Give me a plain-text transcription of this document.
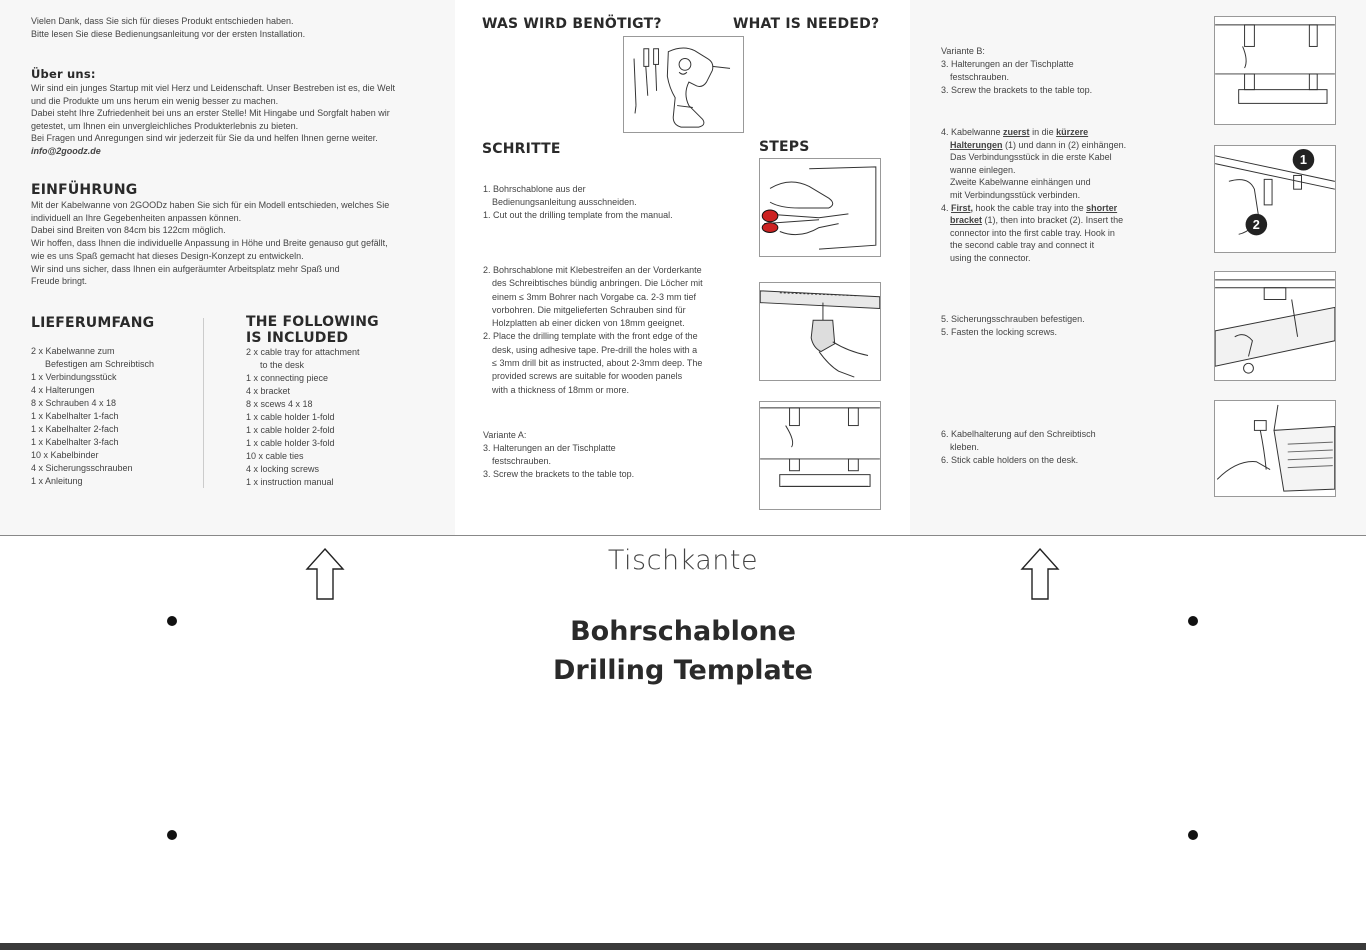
Vielen Dank, dass Sie sich für dieses Produkt entschieden haben.
Bitte lesen Sie diese Bedienungsanleitung vor der ersten Installation.
Über uns:
Wir sind ein junges Startup mit viel Herz und Leidenschaft. Unser Bestreben ist es, die Welt
und die Produkte um uns herum ein wenig besser zu machen.
Dabei steht Ihre Zufriedenheit bei uns an erster Stelle! Mit Hingabe und Sorgfalt haben wir
getestet, um Ihnen ein unvergleichliches Produkterlebnis zu bieten.
Bei Fragen und Anregungen sind wir jederzeit für Sie da und helfen Ihnen gerne weiter.
info@2goodz.de
EINFÜHRUNG
Mit der Kabelwanne von 2GOODz haben Sie sich für ein Modell entschieden, welches Sie
individuell an Ihre Gegebenheiten anpassen können.
Dabei sind Breiten von 84cm bis 122cm möglich.
Wir hoffen, dass Ihnen die individuelle Anpassung in Höhe und Breite genauso gut gefällt,
wie es uns Spaß gemacht hat dieses Design-Konzept zu entwickeln.
Wir sind uns sicher, dass Ihnen ein aufgeräumter Arbeitsplatz mehr Spaß und
Freude bringt.
LIEFERUMFANG
2 x Kabelwanne zum
Befestigen am Schreibtisch
1 x Verbindungsstück
4 x Halterungen
8 x Schrauben 4 x 18
1 x Kabelhalter 1-fach
1 x Kabelhalter 2-fach
1 x Kabelhalter 3-fach
10 x Kabelbinder
4 x Sicherungsschrauben
1 x Anleitung
THE FOLLOWING
IS INCLUDED
2 x cable tray for attachment
to the desk
1 x connecting piece
4 x bracket
8 x scews 4 x 18
1 x cable holder 1-fold
1 x cable holder 2-fold
1 x cable holder 3-fold
10 x cable ties
4 x locking screws
1 x instruction manual
WAS WIRD BENÖTIGT?	WHAT IS NEEDED?
SCHRITTE	STEPS
1. Bohrschablone aus der
Bedienungsanleitung ausschneiden.
1. Cut out the drilling template from the manual.
2. Bohrschablone mit Klebestreifen an der Vorderkante
des Schreibtisches bündig anbringen. Die Löcher mit
einem ≤ 3mm Bohrer nach Vorgabe ca. 2-3 mm tief
vorbohren. Die mitgelieferten Schrauben sind für
Holzplatten ab einer dicken von 18mm geeignet.
2. Place the drilling template with the front edge of the
desk, using adhesive tape. Pre-drill the holes with a
≤ 3mm drill bit as instructed, about 2-3mm deep. The
provided screws are suitable for wooden panels
with a thickness of 18mm or more.
Variante A:
3. Halterungen an der Tischplatte
festschrauben.
3. Screw the brackets to the table top.
Variante B:
3. Halterungen an der Tischplatte
festschrauben.
3. Screw the brackets to the table top.
4. Kabelwanne zuerst in die kürzere
Halterungen (1) und dann in (2) einhängen.
Das Verbindungsstück in die erste Kabel
wanne einlegen.
Zweite Kabelwanne einhängen und
mit Verbindungsstück verbinden.
4. First, hook the cable tray into the shorter
bracket (1), then into bracket (2). Insert the
connector into the first cable tray. Hook in
the second cable tray and connect it
using the connector.
1
2
5. Sicherungsschrauben befestigen.
5. Fasten the locking screws.
6. Kabelhalterung auf den Schreibtisch
kleben.
6. Stick cable holders on the desk.
Tischkante
Bohrschablone
Drilling Template
